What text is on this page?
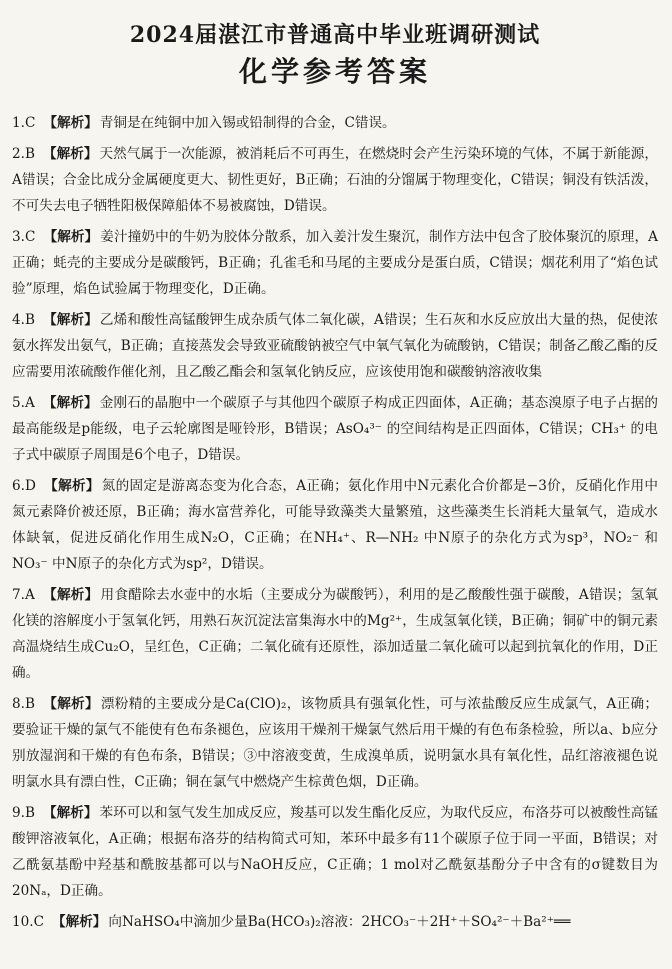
2024届湛江市普通高中毕业班调研测试
化学参考答案

1.C 【解析】 青铜是在纯铜中加入锡或铅制得的合金，C错误。

2.B 【解析】 天然气属于一次能源，被消耗后不可再生，在燃烧时会产生污染环境的气体，不属于新能源，A错误；合金比成分金属硬度更大、韧性更好，B正确；石油的分馏属于物理变化，C错误；铜没有铁活泼，不可失去电子牺牲阳极保障船体不易被腐蚀，D错误。

3.C 【解析】 姜汁撞奶中的牛奶为胶体分散系，加入姜汁发生聚沉，制作方法中包含了胶体聚沉的原理，A正确；蚝壳的主要成分是碳酸钙，B正确；孔雀毛和马尾的主要成分是蛋白质，C错误；烟花利用了“焰色试验”原理，焰色试验属于物理变化，D正确。

4.B 【解析】 乙烯和酸性高锰酸钾生成杂质气体二氧化碳，A错误；生石灰和水反应放出大量的热，促使浓氨水挥发出氨气，B正确；直接蒸发会导致亚硫酸钠被空气中氧气氧化为硫酸钠，C错误；制备乙酸乙酯的反应需要用浓硫酸作催化剂，且乙酸乙酯会和氢氧化钠反应，应该使用饱和碳酸钠溶液收集

5.A 【解析】 金刚石的晶胞中一个碳原子与其他四个碳原子构成正四面体，A正确；基态溴原子电子占据的最高能级是p能级，电子云轮廓图是哑铃形，B错误；AsO₄³⁻ 的空间结构是正四面体，C错误；CH₃⁺ 的电子式中碳原子周围是6个电子，D错误。

6.D 【解析】 氮的固定是游离态变为化合态，A正确；氨化作用中N元素化合价都是−3价，反硝化作用中氮元素降价被还原，B正确；海水富营养化，可能导致藻类大量繁殖，这些藻类生长消耗大量氧气，造成水体缺氧，促进反硝化作用生成N₂O，C正确；在NH₄⁺、R—NH₂ 中N原子的杂化方式为sp³，NO₂⁻ 和NO₃⁻ 中N原子的杂化方式为sp²，D错误。

7.A 【解析】 用食醋除去水壶中的水垢（主要成分为碳酸钙），利用的是乙酸酸性强于碳酸，A错误；氢氧化镁的溶解度小于氢氧化钙，用熟石灰沉淀法富集海水中的Mg²⁺，生成氢氧化镁，B正确；铜矿中的铜元素高温烧结生成Cu₂O，呈红色，C正确；二氧化硫有还原性，添加适量二氧化硫可以起到抗氧化的作用，D正确。

8.B 【解析】 漂粉精的主要成分是Ca(ClO)₂，该物质具有强氧化性，可与浓盐酸反应生成氯气，A正确；要验证干燥的氯气不能使有色布条褪色，应该用干燥剂干燥氯气然后用干燥的有色布条检验，所以a、b应分别放湿润和干燥的有色布条，B错误；③中溶液变黄，生成溴单质，说明氯水具有氧化性，品红溶液褪色说明氯水具有漂白性，C正确；铜在氯气中燃烧产生棕黄色烟，D正确。

9.B 【解析】 苯环可以和氢气发生加成反应，羧基可以发生酯化反应，为取代反应，布洛芬可以被酸性高锰酸钾溶液氧化，A正确；根据布洛芬的结构简式可知，苯环中最多有11个碳原子位于同一平面，B错误；对乙酰氨基酚中羟基和酰胺基都可以与NaOH反应，C正确；1 mol对乙酰氨基酚分子中含有的σ键数目为20Nₐ，D正确。

10.C 【解析】 向NaHSO₄中滴加少量Ba(HCO₃)₂溶液：2HCO₃⁻＋2H⁺＋SO₄²⁻＋Ba²⁺══
